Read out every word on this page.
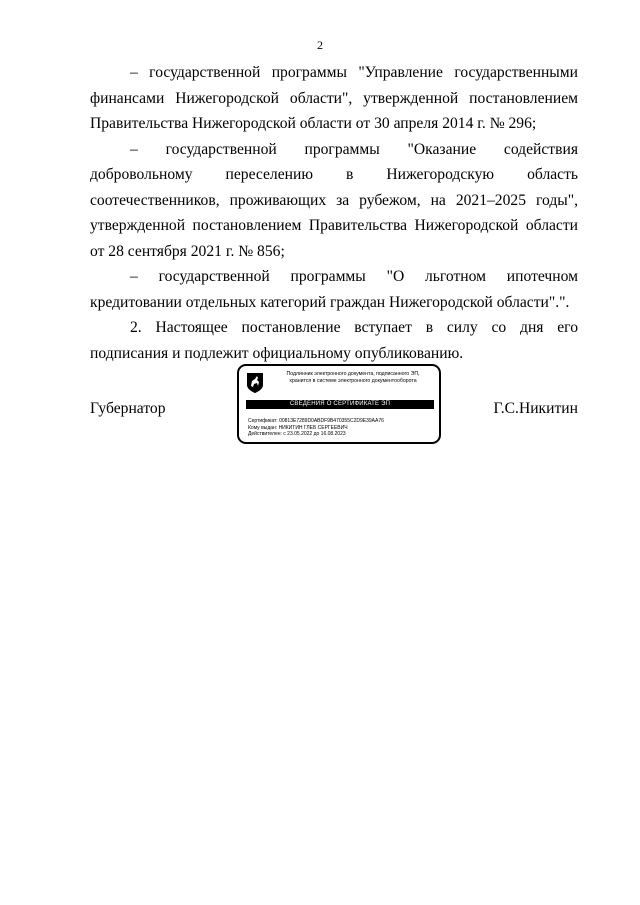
2

– государственной программы "Управление государственными финансами Нижегородской области", утвержденной постановлением Правительства Нижегородской области от 30 апреля 2014 г. № 296;

– государственной программы "Оказание содействия добровольному переселению в Нижегородскую область соотечественников, проживающих за рубежом, на 2021–2025 годы", утвержденной постановлением Правительства Нижегородской области от 28 сентября 2021 г. № 856;

– государственной программы "О льготном ипотечном кредитовании отдельных категорий граждан Нижегородской области".".

2. Настоящее постановление вступает в силу со дня его подписания и подлежит официальному опубликованию.

Губернатор	Г.С.Никитин
Подлинник электронного документа, подписанного ЭП,
хранится в системе электронного документооборота
СВЕДЕНИЯ О СЕРТИФИКАТЕ ЭП
Сертификат: 00813E7289D0ABDF9B470355C2D9E39AA76
Кому выдан: НИКИТИН ГЛЕБ СЕРГЕЕВИЧ
Действителен: с 23.05.2022 до 16.08.2023
